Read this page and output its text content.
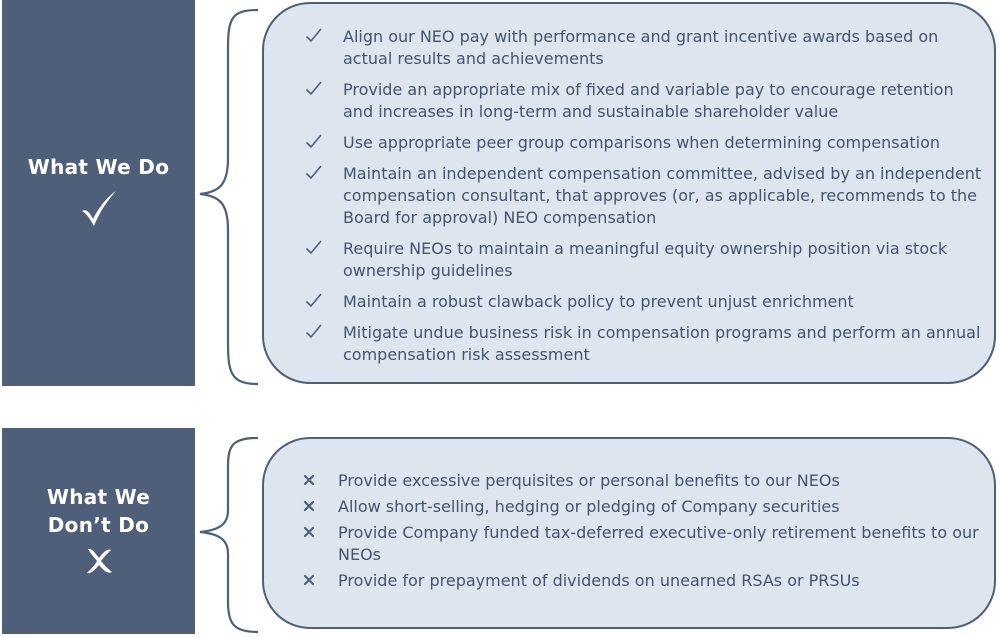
What We Do
Align our NEO pay with performance and grant incentive awards based on actual results and achievements
Provide an appropriate mix of fixed and variable pay to encourage retention and increases in long-term and sustainable shareholder value
Use appropriate peer group comparisons when determining compensation
Maintain an independent compensation committee, advised by an independent compensation consultant, that approves (or, as applicable, recommends to the Board for approval) NEO compensation
Require NEOs to maintain a meaningful equity ownership position via stock ownership guidelines
Maintain a robust clawback policy to prevent unjust enrichment
Mitigate undue business risk in compensation programs and perform an annual compensation risk assessment
What We Don’t Do
Provide excessive perquisites or personal benefits to our NEOs
Allow short-selling, hedging or pledging of Company securities
Provide Company funded tax-deferred executive-only retirement benefits to our NEOs
Provide for prepayment of dividends on unearned RSAs or PRSUs
